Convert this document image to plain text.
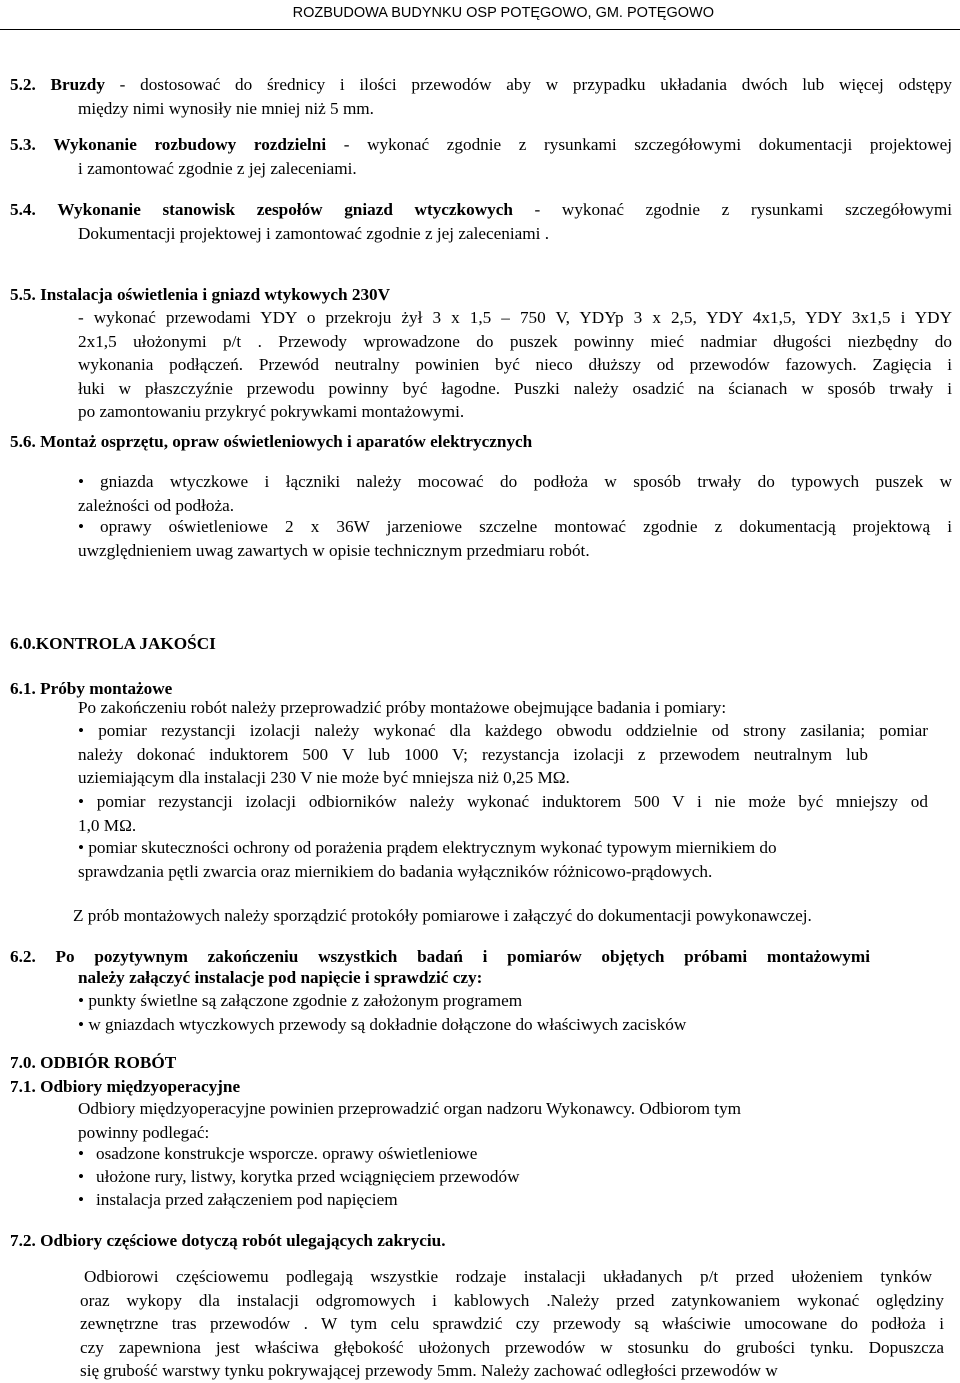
ROZBUDOWA BUDYNKU OSP POTĘGOWO, GM. POTĘGOWO
5.2. Bruzdy - dostosować do średnicy i ilości przewodów aby w przypadku układania dwóch lub więcej odstępy
między nimi wynosiły nie mniej niż 5 mm.
5.3. Wykonanie rozbudowy rozdzielni - wykonać zgodnie z rysunkami szczegółowymi dokumentacji projektowej
i zamontować zgodnie z jej zaleceniami.
5.4. Wykonanie stanowisk zespołów gniazd wtyczkowych - wykonać zgodnie z rysunkami szczegółowymi
Dokumentacji projektowej i zamontować zgodnie z jej zaleceniami .
5.5. Instalacja oświetlenia i gniazd wtykowych 230V
- wykonać przewodami YDY o przekroju żył 3 x 1,5 – 750 V, YDYp 3 x 2,5, YDY 4x1,5, YDY 3x1,5 i YDY
2x1,5 ułożonymi p/t . Przewody wprowadzone do puszek powinny mieć nadmiar długości niezbędny do
wykonania podłączeń. Przewód neutralny powinien być nieco dłuższy od przewodów fazowych. Zagięcia i
łuki w płaszczyźnie przewodu powinny być łagodne. Puszki należy osadzić na ścianach w sposób trwały i
po zamontowaniu przykryć pokrywkami montażowymi.
5.6. Montaż osprzętu, opraw oświetleniowych i aparatów elektrycznych
• gniazda wtyczkowe i łączniki należy mocować do podłoża w sposób trwały do typowych puszek w
zależności od podłoża.
• oprawy oświetleniowe 2 x 36W jarzeniowe szczelne montować zgodnie z dokumentacją projektową i
uwzględnieniem uwag zawartych w opisie technicznym przedmiaru robót.
6.0.KONTROLA JAKOŚCI
6.1. Próby montażowe
Po zakończeniu robót należy przeprowadzić próby montażowe obejmujące badania i pomiary:
• pomiar rezystancji izolacji należy wykonać dla każdego obwodu oddzielnie od strony zasilania; pomiar
należy dokonać induktorem 500 V lub 1000 V; rezystancja izolacji z przewodem neutralnym lub
uziemiającym dla instalacji 230 V nie może być mniejsza niż 0,25 MΩ.
• pomiar rezystancji izolacji odbiorników należy wykonać induktorem 500 V i nie może być mniejszy od
1,0 MΩ.
• pomiar skuteczności ochrony od porażenia prądem elektrycznym wykonać typowym miernikiem do
sprawdzania pętli zwarcia oraz miernikiem do badania wyłączników różnicowo-prądowych.
Z prób montażowych należy sporządzić protokóły pomiarowe i załączyć do dokumentacji powykonawczej.
6.2. Po pozytywnym zakończeniu wszystkich badań i pomiarów objętych próbami montażowymi
należy załączyć instalacje pod napięcie i sprawdzić czy:
• punkty świetlne są załączone zgodnie z założonym programem
• w gniazdach wtyczkowych przewody są dokładnie dołączone do właściwych zacisków
7.0. ODBIÓR ROBÓT
7.1. Odbiory międzyoperacyjne
Odbiory międzyoperacyjne powinien przeprowadzić organ nadzoru Wykonawcy. Odbiorom tym
powinny podlegać:
• osadzone konstrukcje wsporcze. oprawy oświetleniowe
• ułożone rury, listwy, korytka przed wciągnięciem przewodów
• instalacja przed załączeniem pod napięciem
7.2. Odbiory częściowe dotyczą robót ulegających zakryciu.
Odbiorowi częściowemu podlegają wszystkie rodzaje instalacji układanych p/t przed ułożeniem tynków
oraz wykopy dla instalacji odgromowych i kablowych .Należy przed zatynkowaniem wykonać oględziny
zewnętrzne tras przewodów . W tym celu sprawdzić czy przewody są właściwie umocowane do podłoża i
czy zapewniona jest właściwa głębokość ułożonych przewodów w stosunku do grubości tynku. Dopuszcza
się grubość warstwy tynku pokrywającej przewody 5mm. Należy zachować odległości przewodów w
